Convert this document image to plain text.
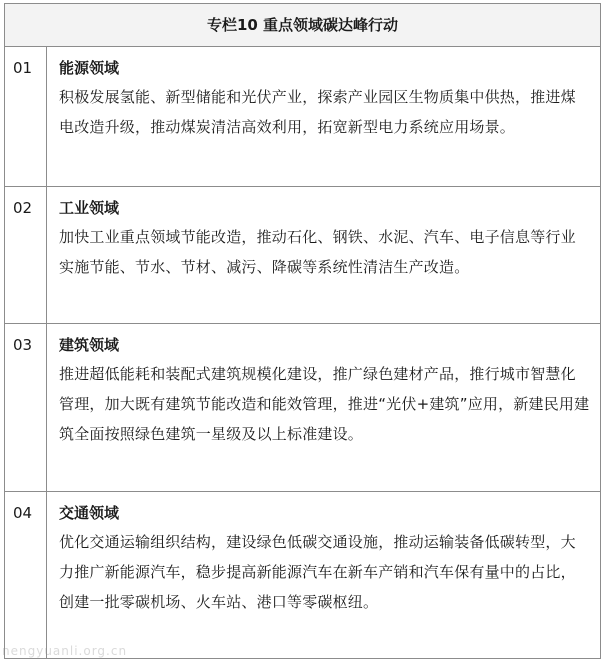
专栏10 重点领域碳达峰行动
01	能源领域
积极发展氢能、新型储能和光伏产业，探索产业园区生物质集中供热，推进煤电改造升级，推动煤炭清洁高效利用，拓宽新型电力系统应用场景。
02	工业领域
加快工业重点领域节能改造，推动石化、钢铁、水泥、汽车、电子信息等行业实施节能、节水、节材、减污、降碳等系统性清洁生产改造。
03	建筑领域
推进超低能耗和装配式建筑规模化建设，推广绿色建材产品，推行城市智慧化管理，加大既有建筑节能改造和能效管理，推进“光伏+建筑”应用，新建民用建筑全面按照绿色建筑一星级及以上标准建设。
04	交通领域
优化交通运输组织结构，建设绿色低碳交通设施，推动运输装备低碳转型，大力推广新能源汽车，稳步提高新能源汽车在新车产销和汽车保有量中的占比，创建一批零碳机场、火车站、港口等零碳枢纽。
nengyuanli.org.cn
